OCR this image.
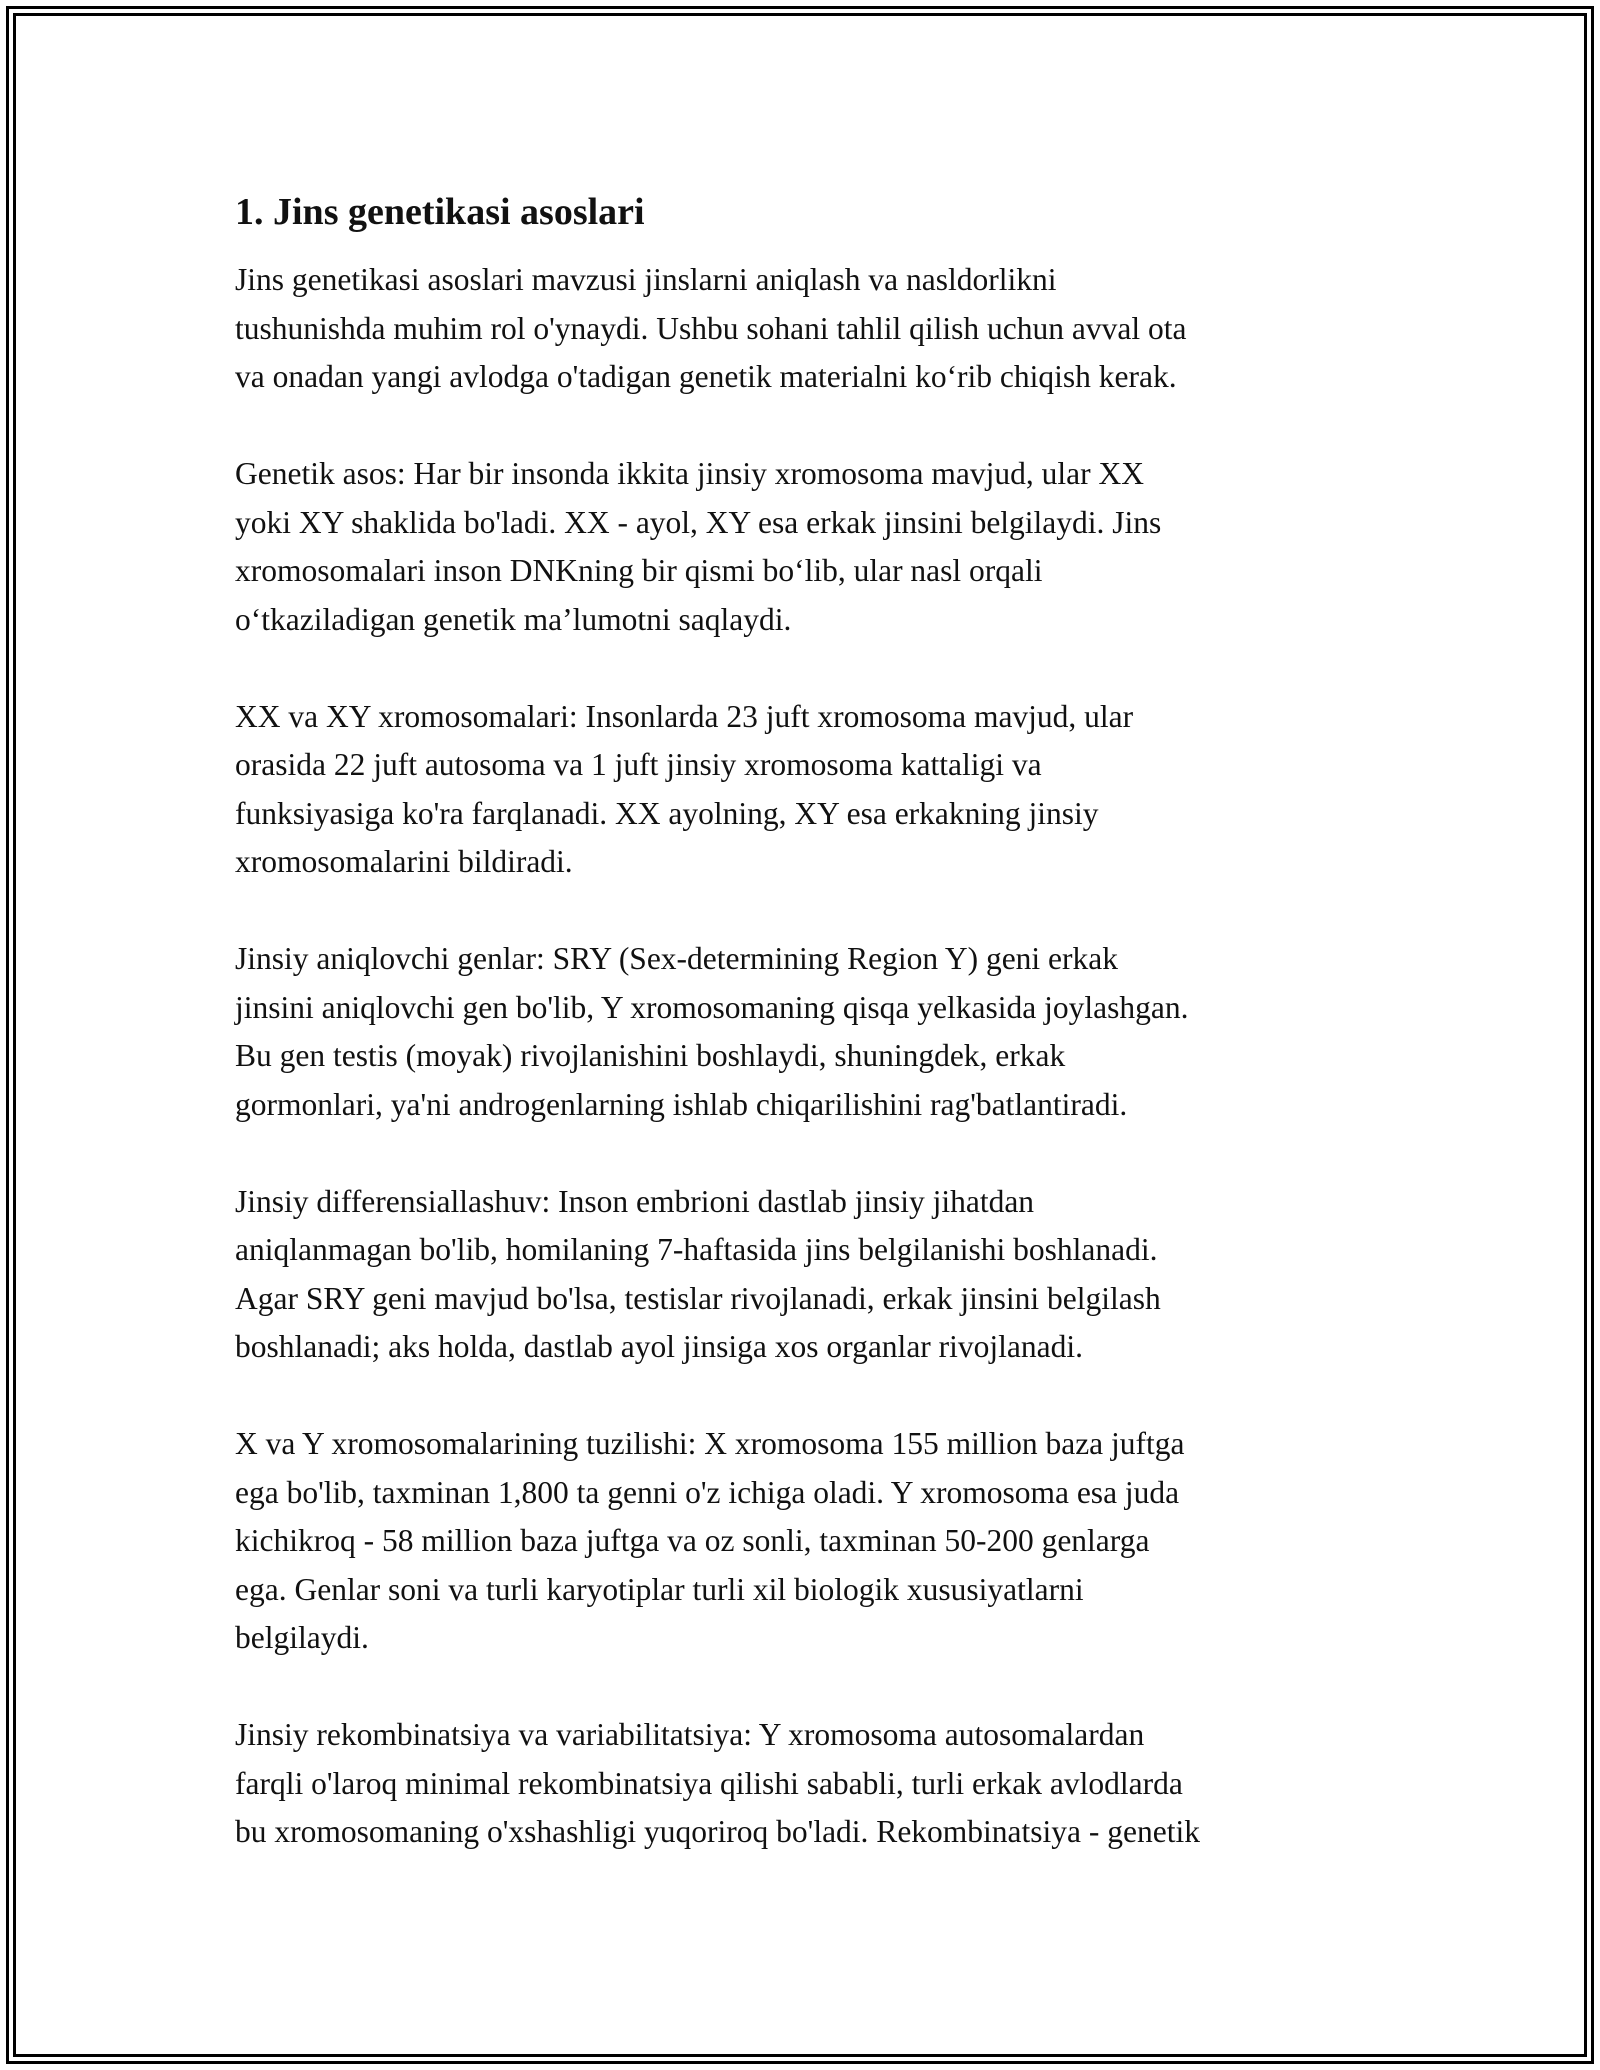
1. Jins genetikasi asoslari

Jins genetikasi asoslari mavzusi jinslarni aniqlash va nasldorlikni
tushunishda muhim rol o'ynaydi. Ushbu sohani tahlil qilish uchun avval ota
va onadan yangi avlodga o'tadigan genetik materialni koʻrib chiqish kerak.

Genetik asos: Har bir insonda ikkita jinsiy xromosoma mavjud, ular XX
yoki XY shaklida bo'ladi. XX - ayol, XY esa erkak jinsini belgilaydi. Jins
xromosomalari inson DNKning bir qismi boʻlib, ular nasl orqali
oʻtkaziladigan genetik maʼlumotni saqlaydi.

XX va XY xromosomalari: Insonlarda 23 juft xromosoma mavjud, ular
orasida 22 juft autosoma va 1 juft jinsiy xromosoma kattaligi va
funksiyasiga ko'ra farqlanadi. XX ayolning, XY esa erkakning jinsiy
xromosomalarini bildiradi.

Jinsiy aniqlovchi genlar: SRY (Sex-determining Region Y) geni erkak
jinsini aniqlovchi gen bo'lib, Y xromosomaning qisqa yelkasida joylashgan.
Bu gen testis (moyak) rivojlanishini boshlaydi, shuningdek, erkak
gormonlari, ya'ni androgenlarning ishlab chiqarilishini rag'batlantiradi.

Jinsiy differensiallashuv: Inson embrioni dastlab jinsiy jihatdan
aniqlanmagan bo'lib, homilaning 7-haftasida jins belgilanishi boshlanadi.
Agar SRY geni mavjud bo'lsa, testislar rivojlanadi, erkak jinsini belgilash
boshlanadi; aks holda, dastlab ayol jinsiga xos organlar rivojlanadi.

X va Y xromosomalarining tuzilishi: X xromosoma 155 million baza juftga
ega bo'lib, taxminan 1,800 ta genni o'z ichiga oladi. Y xromosoma esa juda
kichikroq - 58 million baza juftga va oz sonli, taxminan 50-200 genlarga
ega. Genlar soni va turli karyotiplar turli xil biologik xususiyatlarni
belgilaydi.

Jinsiy rekombinatsiya va variabilitatsiya: Y xromosoma autosomalardan
farqli o'laroq minimal rekombinatsiya qilishi sababli, turli erkak avlodlarda
bu xromosomaning o'xshashligi yuqoriroq bo'ladi. Rekombinatsiya - genetik
